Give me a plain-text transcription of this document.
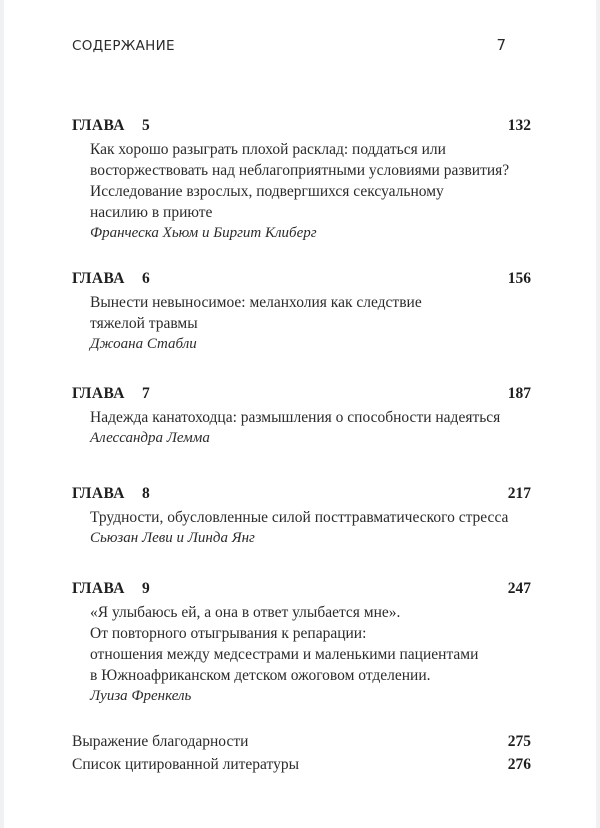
СОДЕРЖАНИЕ	7
ГЛАВА 5	132
Как хорошо разыграть плохой расклад: поддаться или
восторжествовать над неблагоприятными условиями развития?
Исследование взрослых, подвергшихся сексуальному
насилию в приюте
Франческа Хьюм и Биргит Клиберг
ГЛАВА 6	156
Вынести невыносимое: меланхолия как следствие
тяжелой травмы
Джоана Стабли
ГЛАВА 7	187
Надежда канатоходца: размышления о способности надеяться
Алессандра Лемма
ГЛАВА 8	217
Трудности, обусловленные силой посттравматического стресса
Сьюзан Леви и Линда Янг
ГЛАВА 9	247
«Я улыбаюсь ей, а она в ответ улыбается мне».
От повторного отыгрывания к репарации:
отношения между медсестрами и маленькими пациентами
в Южноафриканском детском ожоговом отделении.
Луиза Френкель
Выражение благодарности	275
Список цитированной литературы	276
